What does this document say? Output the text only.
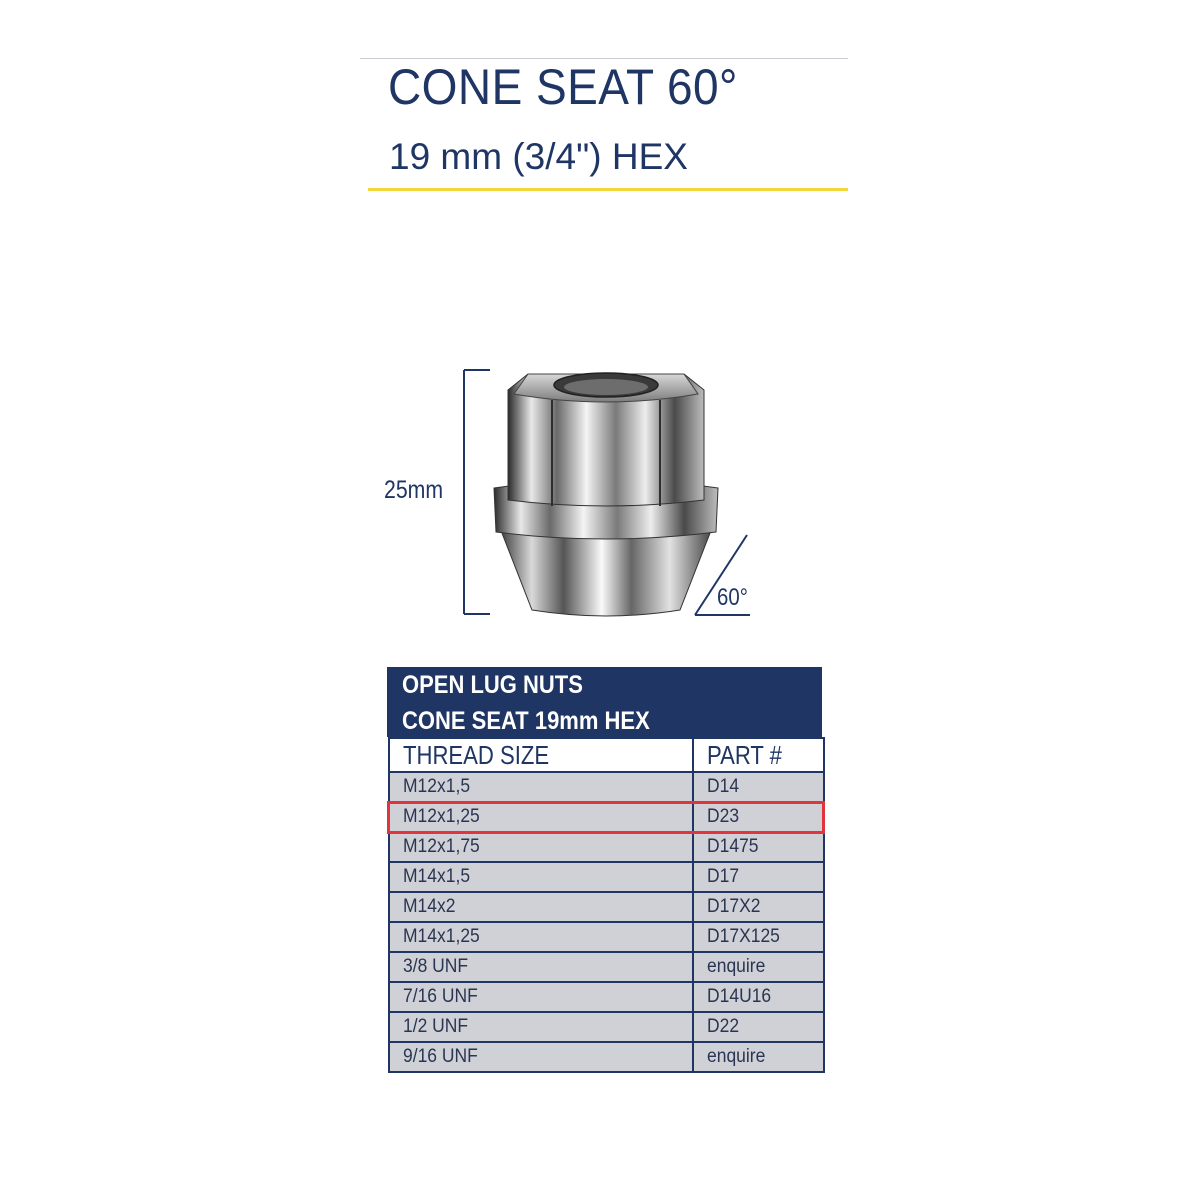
CONE SEAT 60°
19 mm (3/4") HEX
25mm
60°
OPEN LUG NUTS
CONE SEAT 19mm HEX
THREAD SIZE	PART #
M12x1,5	D14
M12x1,25	D23
M12x1,75	D1475
M14x1,5	D17
M14x2	D17X2
M14x1,25	D17X125
3/8 UNF	enquire
7/16 UNF	D14U16
1/2 UNF	D22
9/16 UNF	enquire
